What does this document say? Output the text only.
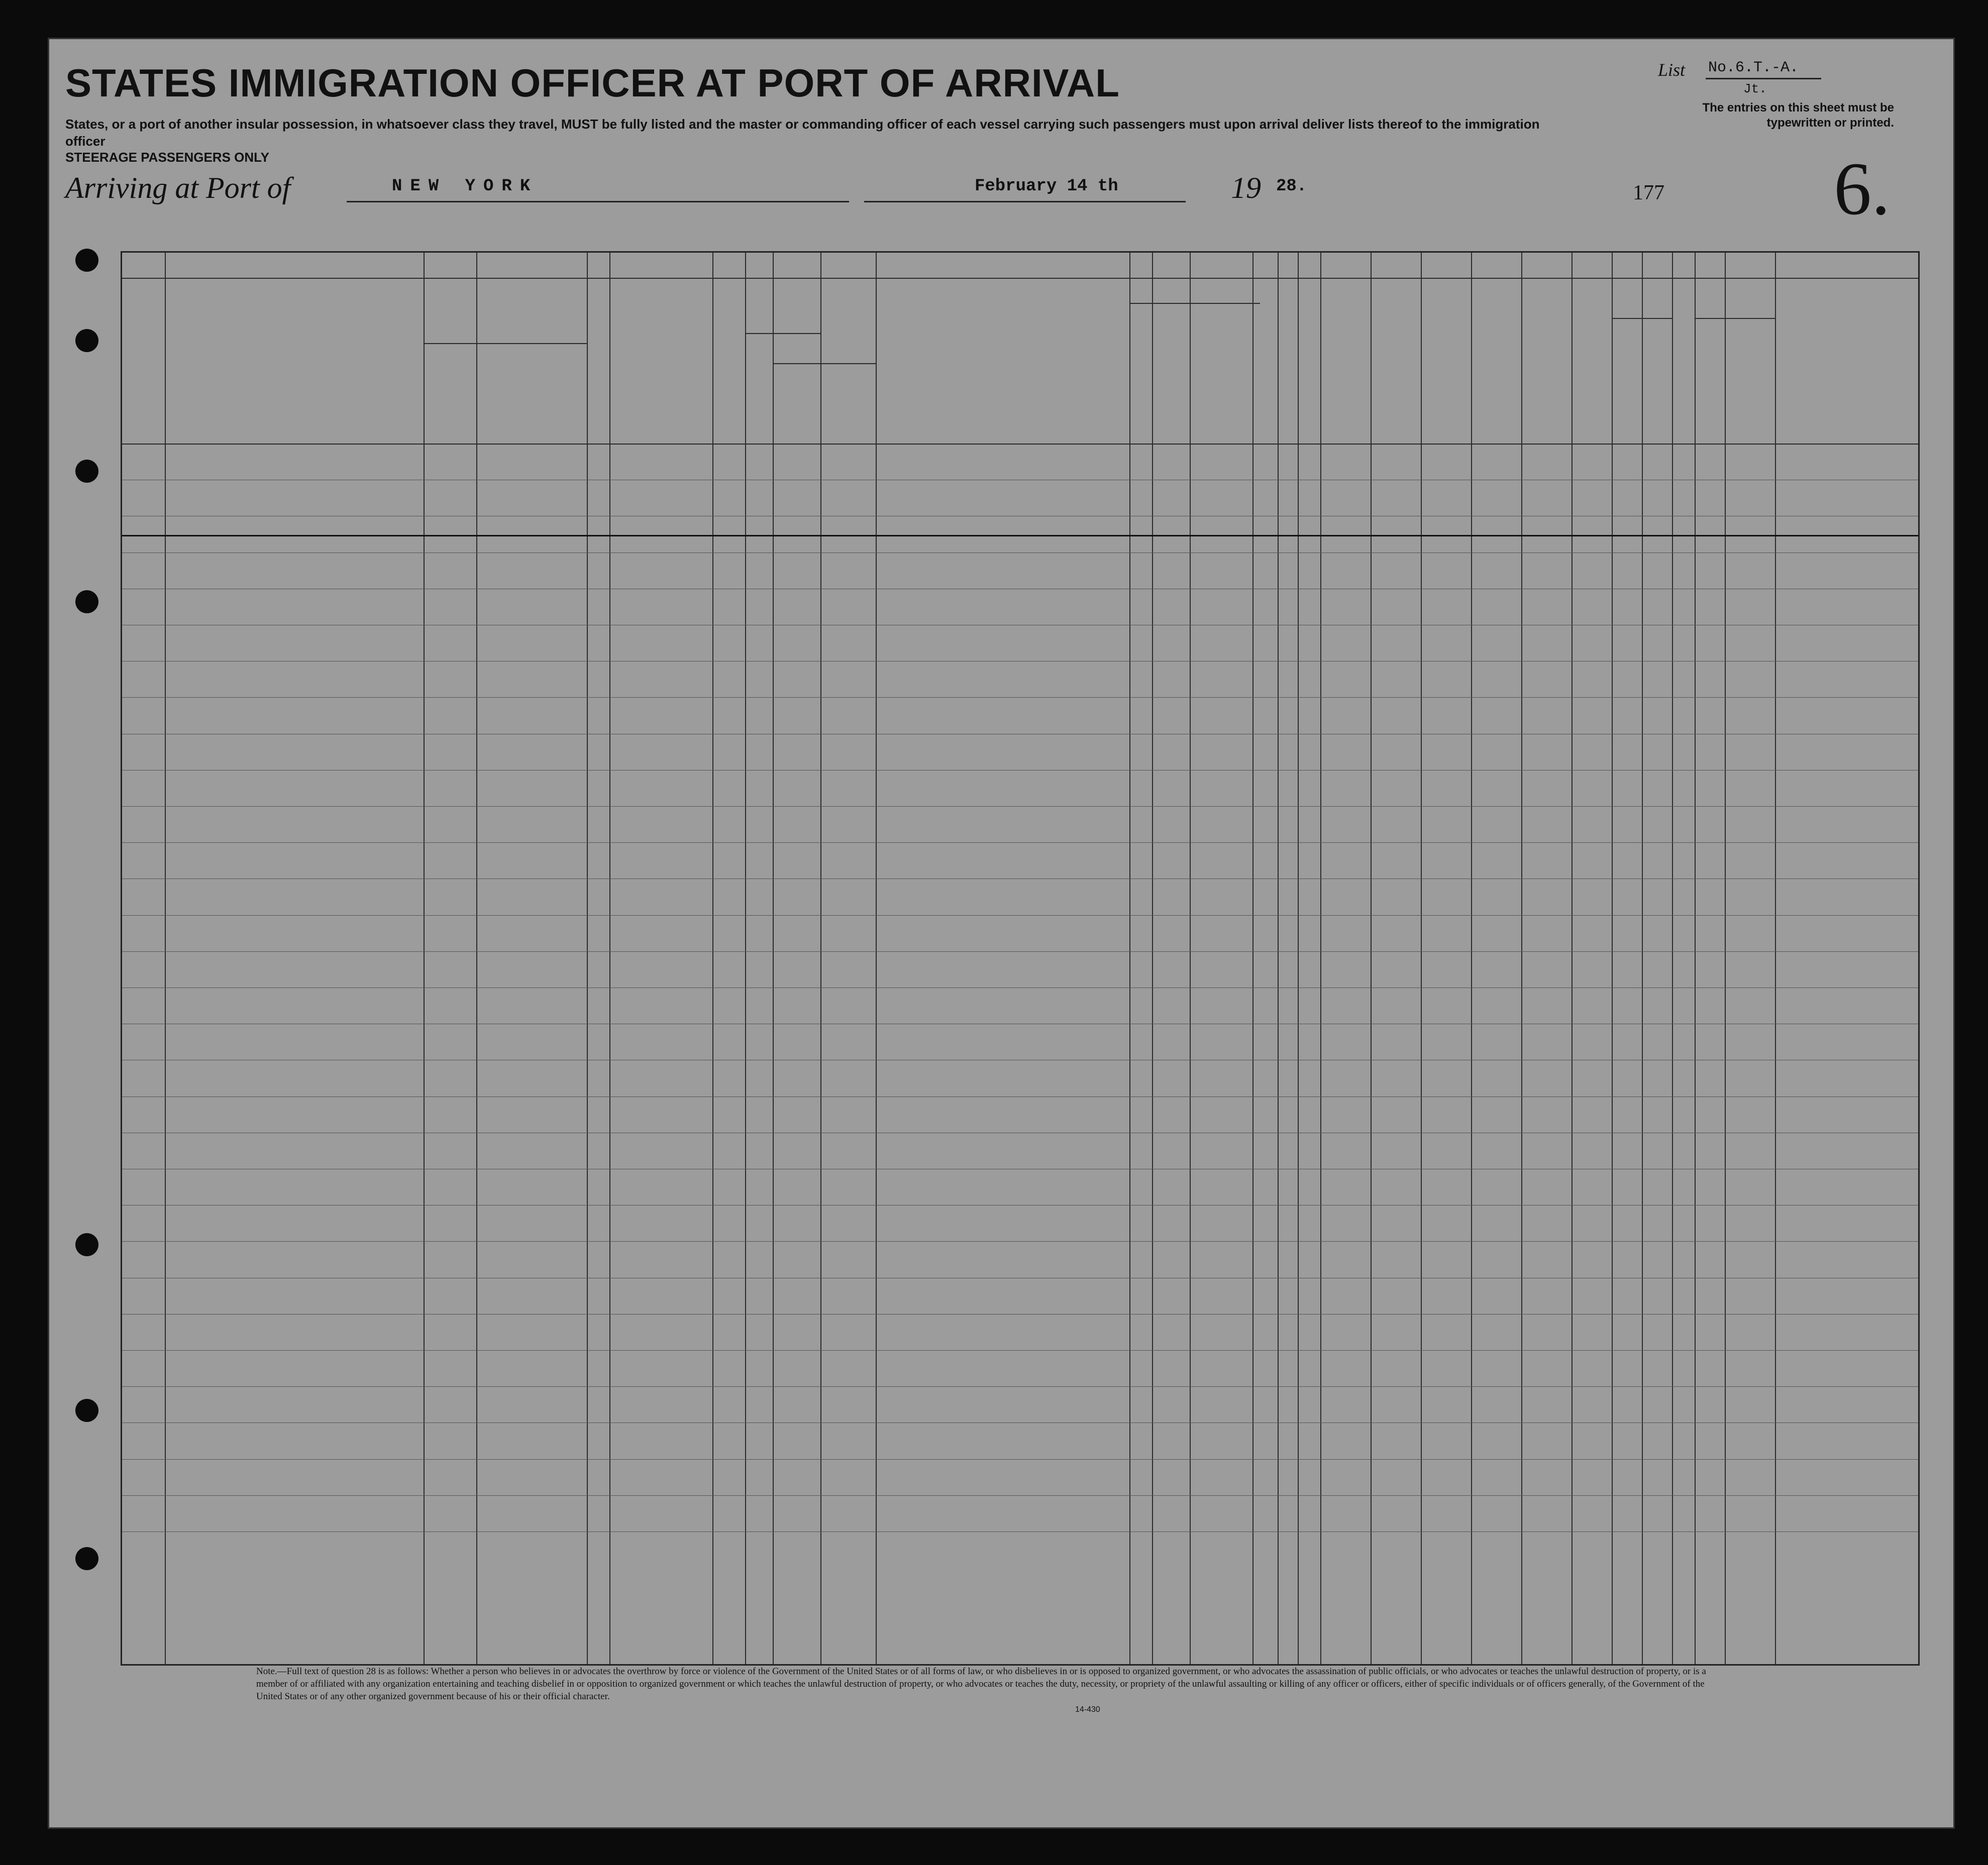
STATES IMMIGRATION OFFICER AT PORT OF ARRIVAL
States, or a port of another insular possession, in whatsoever class they travel, MUST be fully listed and the master or commanding officer of each vessel carrying such passengers must upon arrival deliver lists thereof to the immigration officer
STEERAGE PASSENGERS ONLY
Arriving at Port of	NEW YORK	February 14 th	19 28.	177 6.
List No.6.T.-A.
Jt.
The entries on this sheet must be typewritten or printed.
Note.—Full text of question 28 is as follows: Whether a person who believes in or advocates the overthrow by force or violence of the Government of the United States or of all forms of law, or who disbelieves in or is opposed to organized government, or who advocates the assassination of public officials, or who advocates or teaches the unlawful destruction of property, or is a member of or affiliated with any organization entertaining and teaching disbelief in or opposition to organized government or which teaches the unlawful destruction of property, or who advocates or teaches the duty, necessity, or propriety of the unlawful assaulting or killing of any officer or officers, either of specific individuals or of officers generally, of the Government of the United States or of any other organized government because of his or their official character.
14-430
